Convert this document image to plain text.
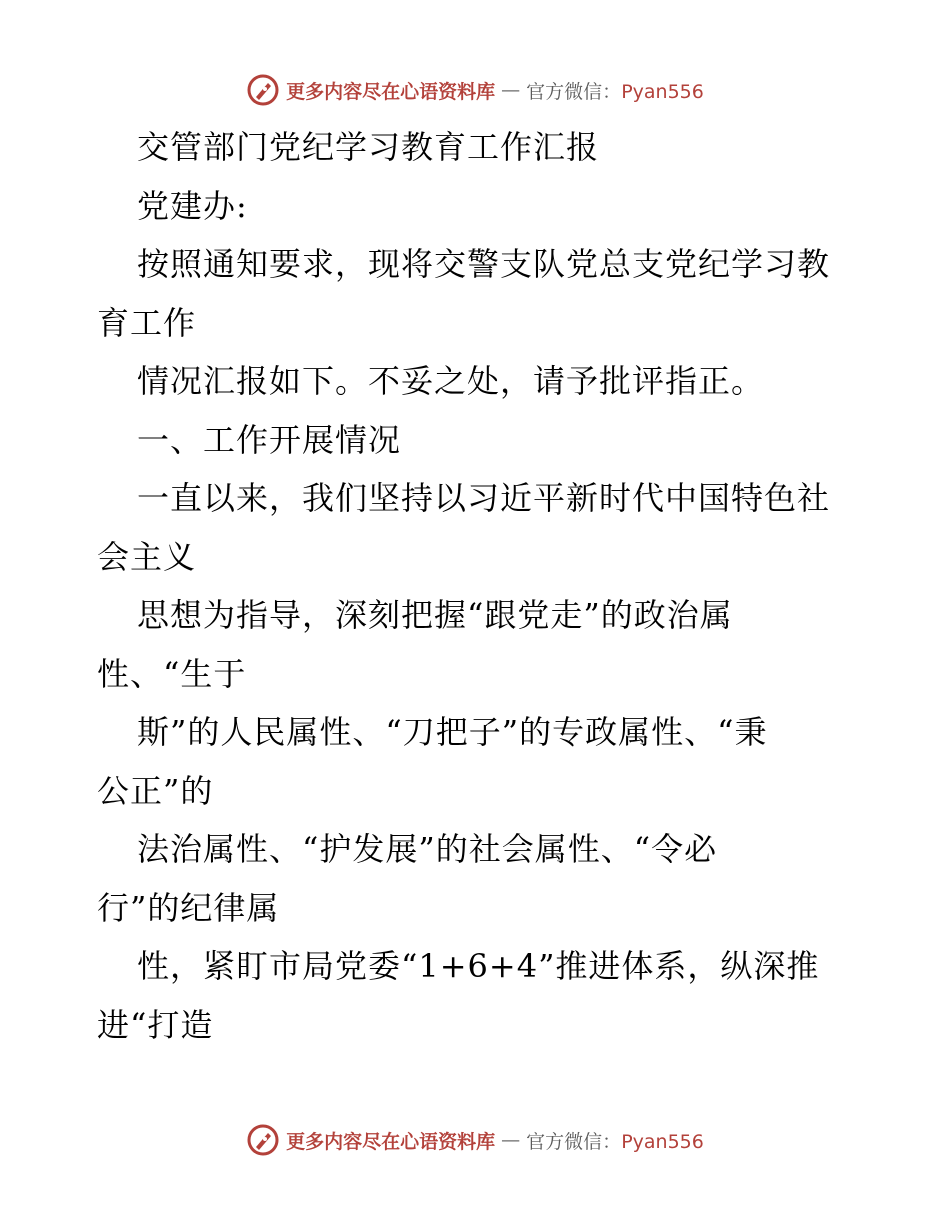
更多内容尽在心语资料库 — 官方微信：Pyan556
交管部门党纪学习教育工作汇报
党建办:
按照通知要求，现将交警支队党总支党纪学习教
育工作
情况汇报如下。不妥之处，请予批评指正。
一、工作开展情况
一直以来，我们坚持以习近平新时代中国特色社
会主义
思想为指导，深刻把握“跟党走”的政治属
性、“生于
斯”的人民属性、“刀把子”的专政属性、“秉
公正”的
法治属性、“护发展”的社会属性、“令必
行”的纪律属
性，紧盯市局党委“1+6+4”推进体系，纵深推
进“打造
更多内容尽在心语资料库 — 官方微信：Pyan556
